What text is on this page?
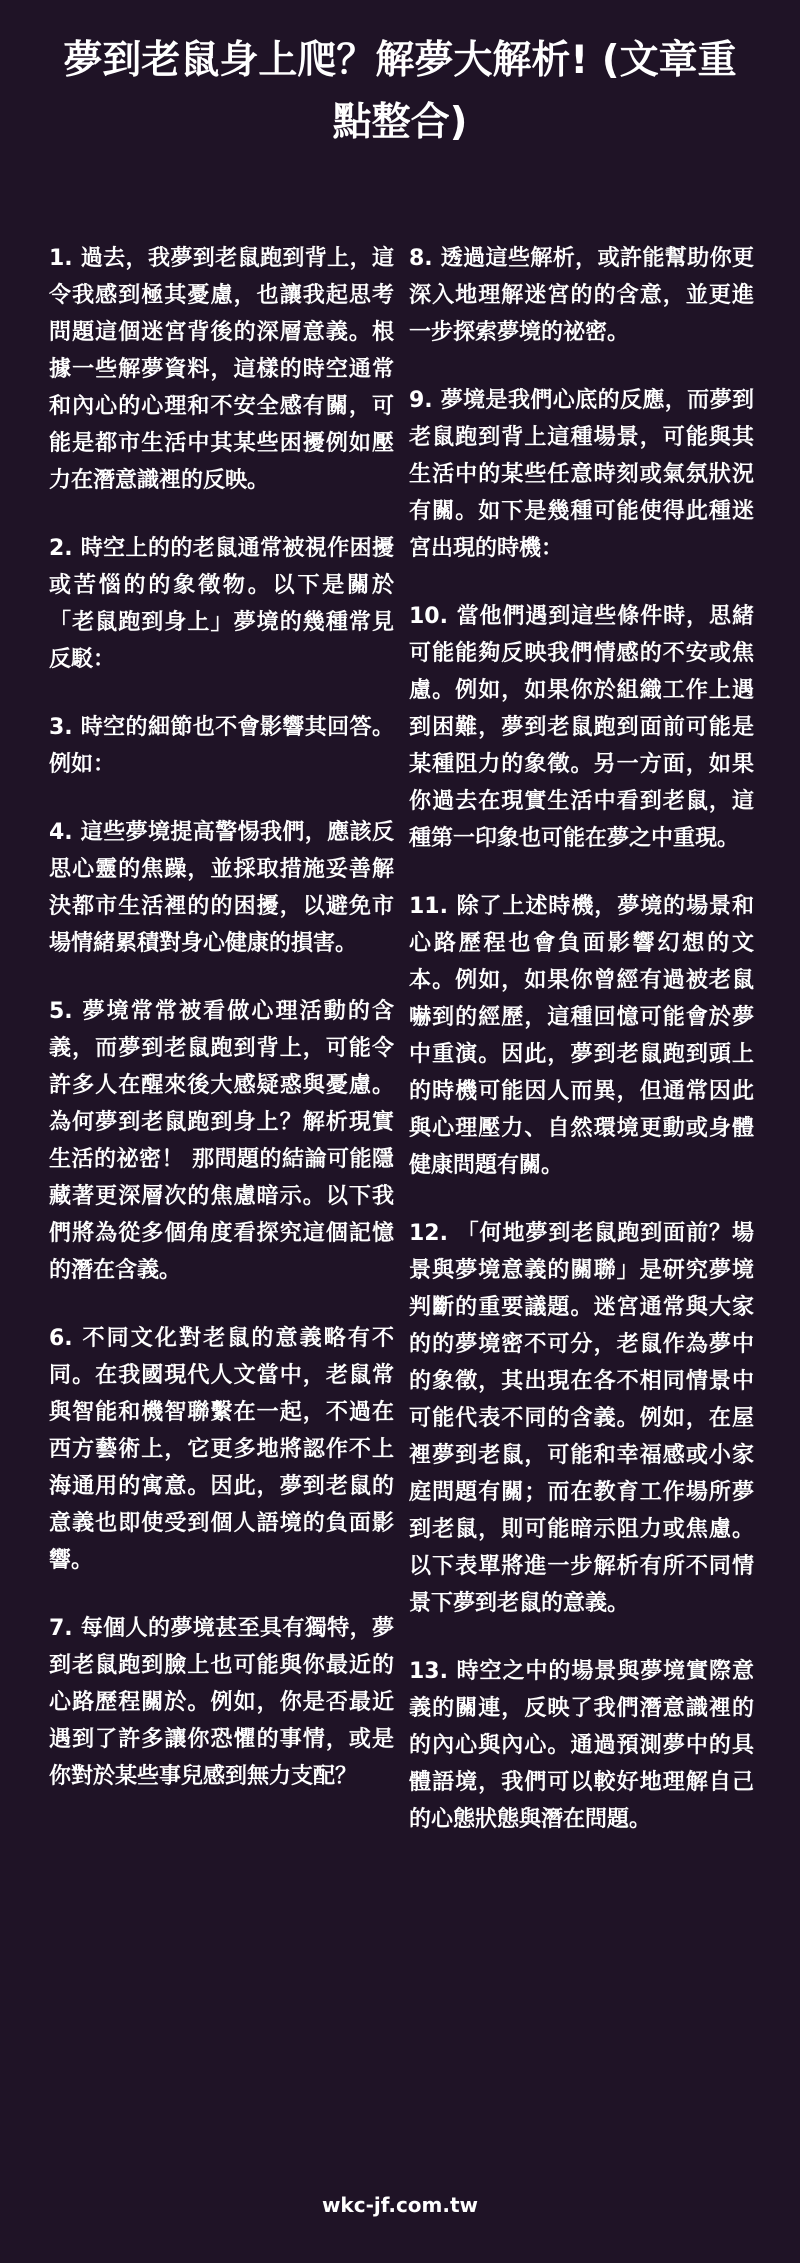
夢到老鼠身上爬？解夢大解析! (文章重點整合)

1. 過去，我夢到老鼠跑到背上，這令我感到極其憂慮，也讓我起思考問題這個迷宮背後的深層意義。根據一些解夢資料，這樣的時空通常和內心的心理和不安全感有關，可能是都市生活中其某些困擾例如壓力在潛意識裡的反映。

2. 時空上的的老鼠通常被視作困擾或苦惱的的象徵物。以下是關於「老鼠跑到身上」夢境的幾種常見反駁：

3. 時空的細節也不會影響其回答。例如：

4. 這些夢境提高警惕我們，應該反思心靈的焦躁，並採取措施妥善解決都市生活裡的的困擾，以避免市場情緒累積對身心健康的損害。

5. 夢境常常被看做心理活動的含義，而夢到老鼠跑到背上，可能令許多人在醒來後大感疑惑與憂慮。為何夢到老鼠跑到身上？解析現實生活的祕密！ 那問題的結論可能隱藏著更深層次的焦慮暗示。以下我們將為從多個角度看探究這個記憶的潛在含義。

6. 不同文化對老鼠的意義略有不同。在我國現代人文當中，老鼠常與智能和機智聯繫在一起，不過在西方藝術上，它更多地將認作不上海通用的寓意。因此，夢到老鼠的意義也即使受到個人語境的負面影響。

7. 每個人的夢境甚至具有獨特，夢到老鼠跑到臉上也可能與你最近的心路歷程關於。例如，你是否最近遇到了許多讓你恐懼的事情，或是你對於某些事兒感到無力支配？

8. 透過這些解析，或許能幫助你更深入地理解迷宮的的含意，並更進一步探索夢境的祕密。

9. 夢境是我們心底的反應，而夢到老鼠跑到背上這種場景，可能與其生活中的某些任意時刻或氣氛狀況有關。如下是幾種可能使得此種迷宮出現的時機：

10. 當他們遇到這些條件時，思緒可能能夠反映我們情感的不安或焦慮。例如，如果你於組織工作上遇到困難，夢到老鼠跑到面前可能是某種阻力的象徵。另一方面，如果你過去在現實生活中看到老鼠，這種第一印象也可能在夢之中重現。

11. 除了上述時機，夢境的場景和心路歷程也會負面影響幻想的文本。例如，如果你曾經有過被老鼠嚇到的經歷，這種回憶可能會於夢中重演。因此，夢到老鼠跑到頭上的時機可能因人而異，但通常因此與心理壓力、自然環境更動或身體健康問題有關。

12. 「何地夢到老鼠跑到面前？場景與夢境意義的關聯」是研究夢境判斷的重要議題。迷宮通常與大家的的夢境密不可分，老鼠作為夢中的象徵，其出現在各不相同情景中可能代表不同的含義。例如，在屋裡夢到老鼠，可能和幸福感或小家庭問題有關；而在教育工作場所夢到老鼠，則可能暗示阻力或焦慮。以下表單將進一步解析有所不同情景下夢到老鼠的意義。

13. 時空之中的場景與夢境實際意義的關連，反映了我們潛意識裡的的內心與內心。通過預測夢中的具體語境，我們可以較好地理解自己的心態狀態與潛在問題。

wkc-jf.com.tw
